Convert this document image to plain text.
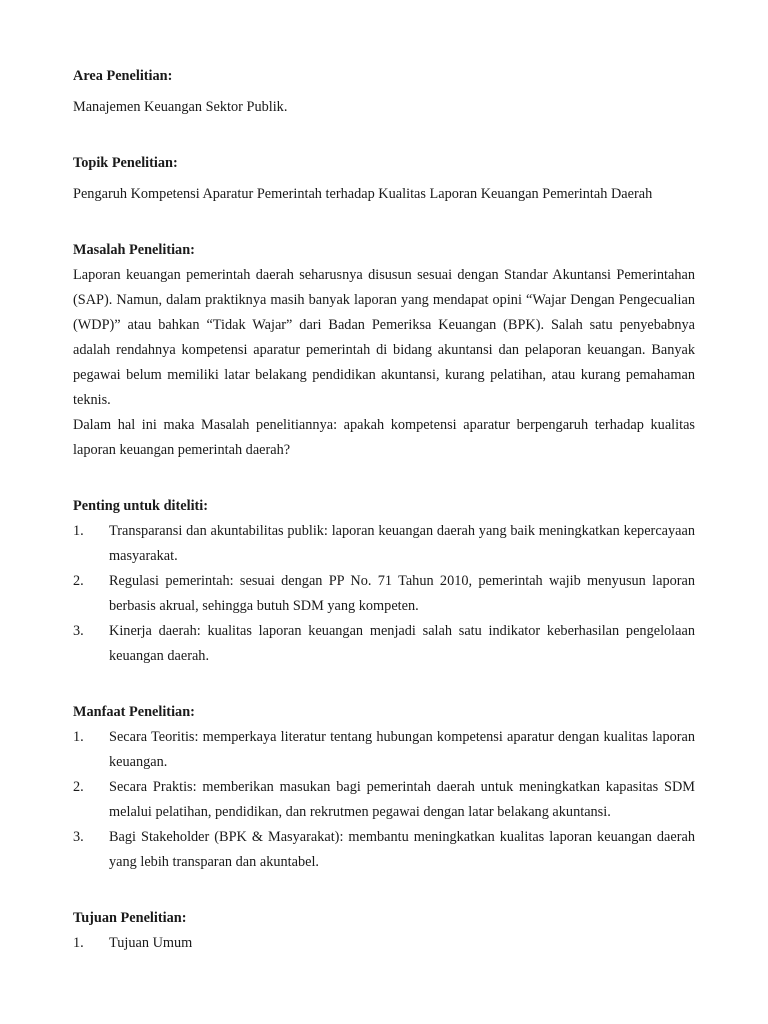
Area Penelitian:

Manajemen Keuangan Sektor Publik.

Topik Penelitian:

Pengaruh Kompetensi Aparatur Pemerintah terhadap Kualitas Laporan Keuangan Pemerintah Daerah

Masalah Penelitian:

Laporan keuangan pemerintah daerah seharusnya disusun sesuai dengan Standar Akuntansi Pemerintahan (SAP). Namun, dalam praktiknya masih banyak laporan yang mendapat opini “Wajar Dengan Pengecualian (WDP)” atau bahkan “Tidak Wajar” dari Badan Pemeriksa Keuangan (BPK). Salah satu penyebabnya adalah rendahnya kompetensi aparatur pemerintah di bidang akuntansi dan pelaporan keuangan. Banyak pegawai belum memiliki latar belakang pendidikan akuntansi, kurang pelatihan, atau kurang pemahaman teknis.

Dalam hal ini maka Masalah penelitiannya: apakah kompetensi aparatur berpengaruh terhadap kualitas laporan keuangan pemerintah daerah?

Penting untuk diteliti:

1. Transparansi dan akuntabilitas publik: laporan keuangan daerah yang baik meningkatkan kepercayaan masyarakat.
2. Regulasi pemerintah: sesuai dengan PP No. 71 Tahun 2010, pemerintah wajib menyusun laporan berbasis akrual, sehingga butuh SDM yang kompeten.
3. Kinerja daerah: kualitas laporan keuangan menjadi salah satu indikator keberhasilan pengelolaan keuangan daerah.

Manfaat Penelitian:

1. Secara Teoritis: memperkaya literatur tentang hubungan kompetensi aparatur dengan kualitas laporan keuangan.
2. Secara Praktis: memberikan masukan bagi pemerintah daerah untuk meningkatkan kapasitas SDM melalui pelatihan, pendidikan, dan rekrutmen pegawai dengan latar belakang akuntansi.
3. Bagi Stakeholder (BPK & Masyarakat): membantu meningkatkan kualitas laporan keuangan daerah yang lebih transparan dan akuntabel.

Tujuan Penelitian:

1. Tujuan Umum
